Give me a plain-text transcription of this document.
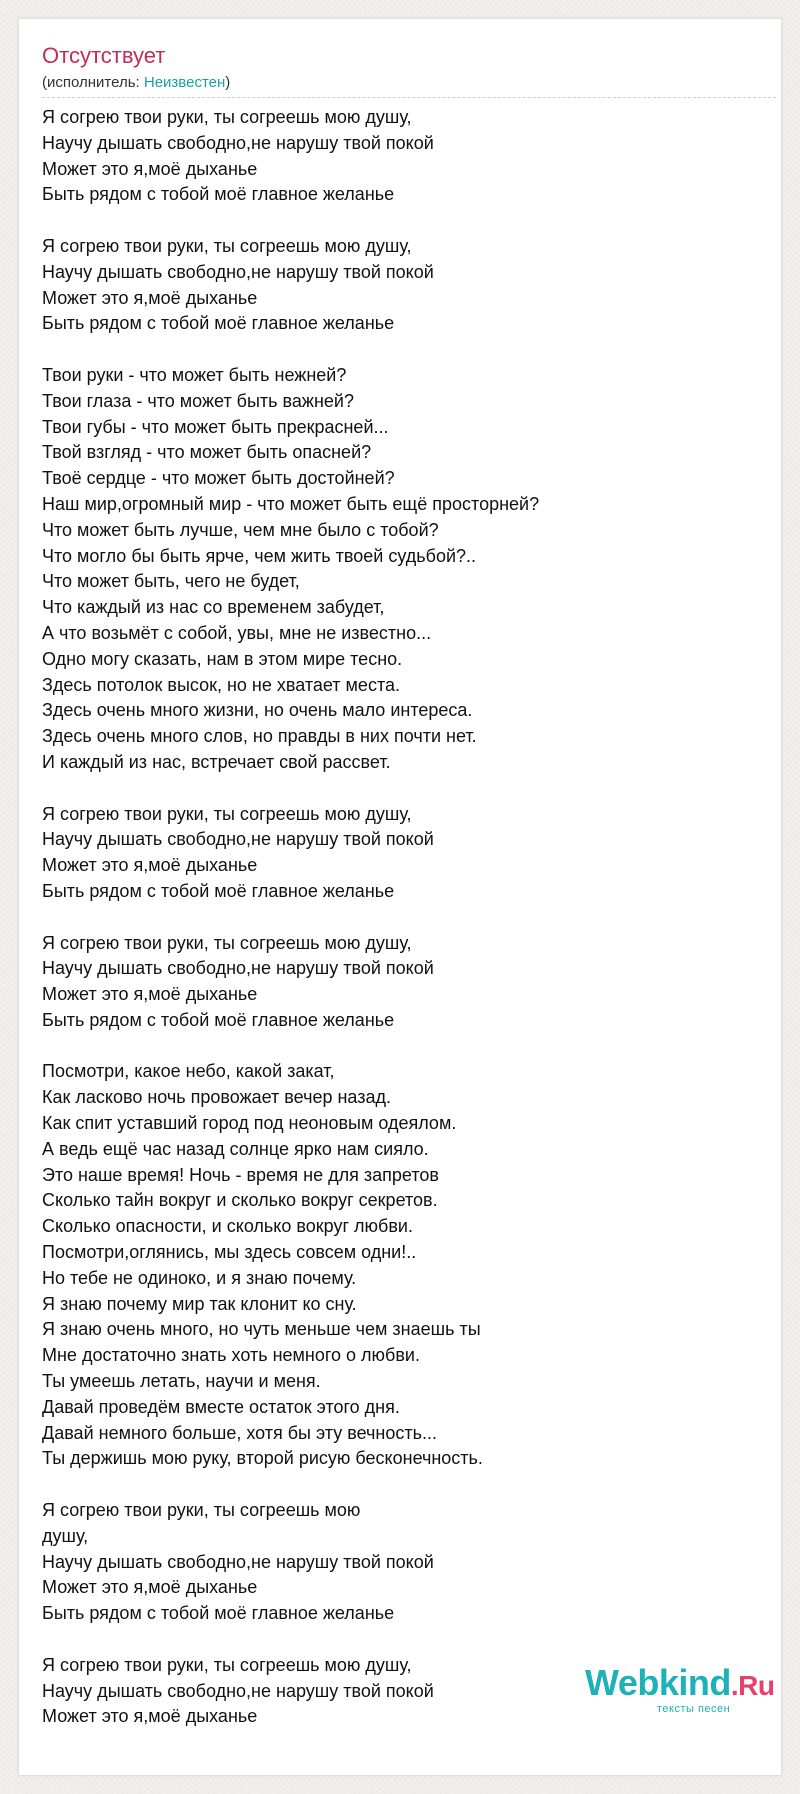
Отсутствует
(исполнитель: Неизвестен)
Я согрею твои руки, ты согреешь мою душу,
Научу дышать свободно,не нарушу твой покой
Может это я,моё дыханье
Быть рядом с тобой моё главное желанье
Я согрею твои руки, ты согреешь мою душу,
Научу дышать свободно,не нарушу твой покой
Может это я,моё дыханье
Быть рядом с тобой моё главное желанье
Твои руки - что может быть нежней?
Твои глаза - что может быть важней?
Твои губы - что может быть прекрасней...
Твой взгляд - что может быть опасней?
Твоё сердце - что может быть достойней?
Наш мир,огромный мир - что может быть ещё просторней?
Что может быть лучше, чем мне было с тобой?
Что могло бы быть ярче, чем жить твоей судьбой?..
Что может быть, чего не будет,
Что каждый из нас со временем забудет,
А что возьмёт с собой, увы, мне не известно...
Одно могу сказать, нам в этом мире тесно.
Здесь потолок высок, но не хватает места.
Здесь очень много жизни, но очень мало интереса.
Здесь очень много слов, но правды в них почти нет.
И каждый из нас, встречает свой рассвет.
Я согрею твои руки, ты согреешь мою душу,
Научу дышать свободно,не нарушу твой покой
Может это я,моё дыханье
Быть рядом с тобой моё главное желанье
Я согрею твои руки, ты согреешь мою душу,
Научу дышать свободно,не нарушу твой покой
Может это я,моё дыханье
Быть рядом с тобой моё главное желанье
Посмотри, какое небо, какой закат,
Как ласково ночь провожает вечер назад.
Как спит уставший город под неоновым одеялом.
А ведь ещё час назад солнце ярко нам сияло.
Это наше время! Ночь - время не для запретов
Сколько тайн вокруг и сколько вокруг секретов.
Сколько опасности, и сколько вокруг любви.
Посмотри,оглянись, мы здесь совсем одни!..
Но тебе не одиноко, и я знаю почему.
Я знаю почему мир так клонит ко сну.
Я знаю очень много, но чуть меньше чем знаешь ты
Мне достаточно знать хоть немного о любви.
Ты умеешь летать, научи и меня.
Давай проведём вместе остаток этого дня.
Давай немного больше, хотя бы эту вечность...
Ты держишь мою руку, второй рисую бесконечность.
Я согрею твои руки, ты согреешь мою
душу,
Научу дышать свободно,не нарушу твой покой
Может это я,моё дыханье
Быть рядом с тобой моё главное желанье
Я согрею твои руки, ты согреешь мою душу,
Научу дышать свободно,не нарушу твой покой
Может это я,моё дыханье
Webkind.Ru
тексты песен
